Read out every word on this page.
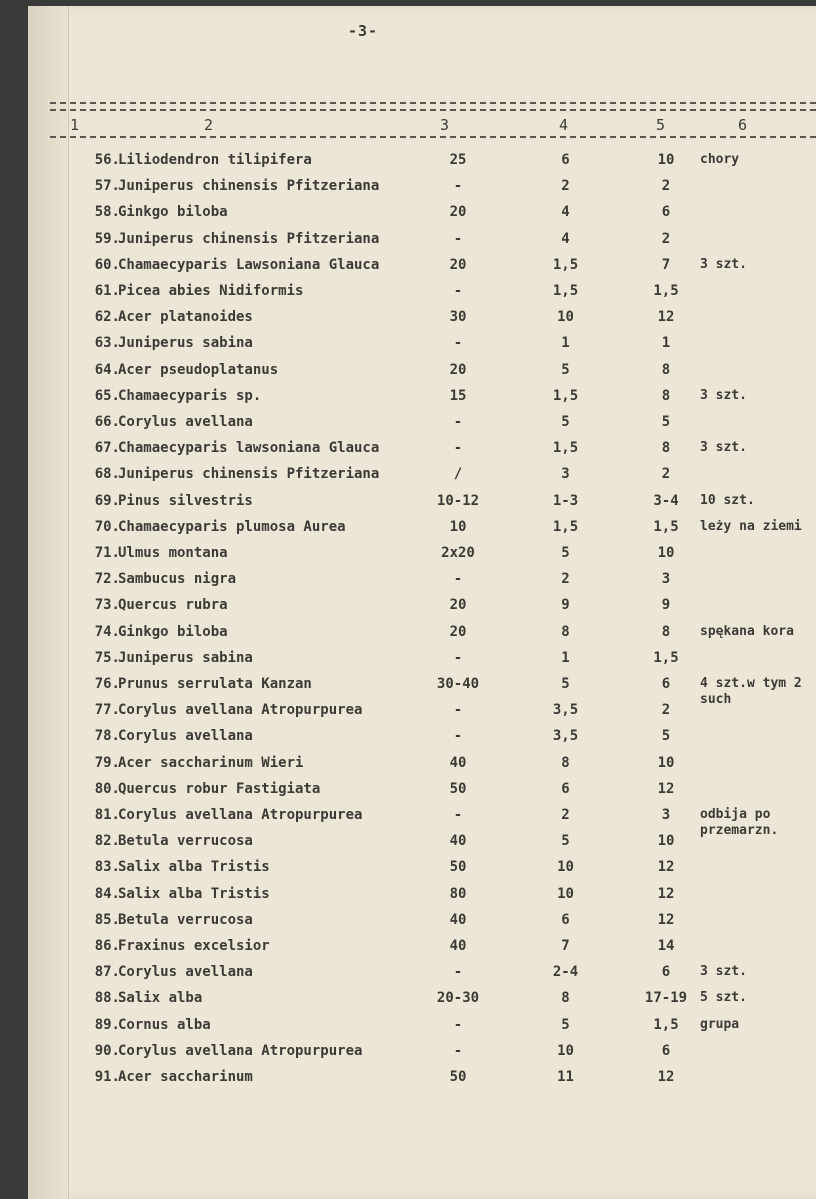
-3-
1	2	3	4	5	6
56.
Liliodendron tilipifera	25	6	10	chory
57.
Juniperus chinensis Pfitzeriana	-	2	2
58.
Ginkgo biloba	20	4	6
59.
Juniperus chinensis Pfitzeriana	-	4	2
60.
Chamaecyparis Lawsoniana Glauca	20	1,5	7	3 szt.
61.
Picea abies Nidiformis	-	1,5	1,5
62.
Acer platanoides	30	10	12
63.
Juniperus sabina	-	1	1
64.
Acer pseudoplatanus	20	5	8
65.
Chamaecyparis sp.	15	1,5	8	3 szt.
66.
Corylus avellana	-	5	5
67.
Chamaecyparis lawsoniana Glauca	-	1,5	8	3 szt.
68.
Juniperus chinensis Pfitzeriana	/	3	2
69.
Pinus silvestris	10-12	1-3	3-4	10 szt.
70.
Chamaecyparis plumosa Aurea	10	1,5	1,5	leży na ziemi
71.
Ulmus montana	2x20	5	10
72.
Sambucus nigra	-	2	3
73.
Quercus rubra	20	9	9
74.
Ginkgo biloba	20	8	8	spękana kora
75.
Juniperus sabina	-	1	1,5
76.
Prunus serrulata Kanzan	30-40	5	6	4 szt.w tym 2 such
77.
Corylus avellana Atropurpurea	-	3,5	2
78.
Corylus avellana	-	3,5	5
79.
Acer saccharinum Wieri	40	8	10
80.
Quercus robur Fastigiata	50	6	12
81.
Corylus avellana Atropurpurea	-	2	3	odbija po przemarzn.
82.
Betula verrucosa	40	5	10
83.
Salix alba Tristis	50	10	12
84.
Salix alba Tristis	80	10	12
85.
Betula verrucosa	40	6	12
86.
Fraxinus excelsior	40	7	14
87.
Corylus avellana	-	2-4	6	3 szt.
88.
Salix alba	20-30	8	17-19 5 szt.
89.
Cornus alba	-	5	1,5	grupa
90.
Corylus avellana Atropurpurea	-	10	6
91.
Acer saccharinum	50	11	12
